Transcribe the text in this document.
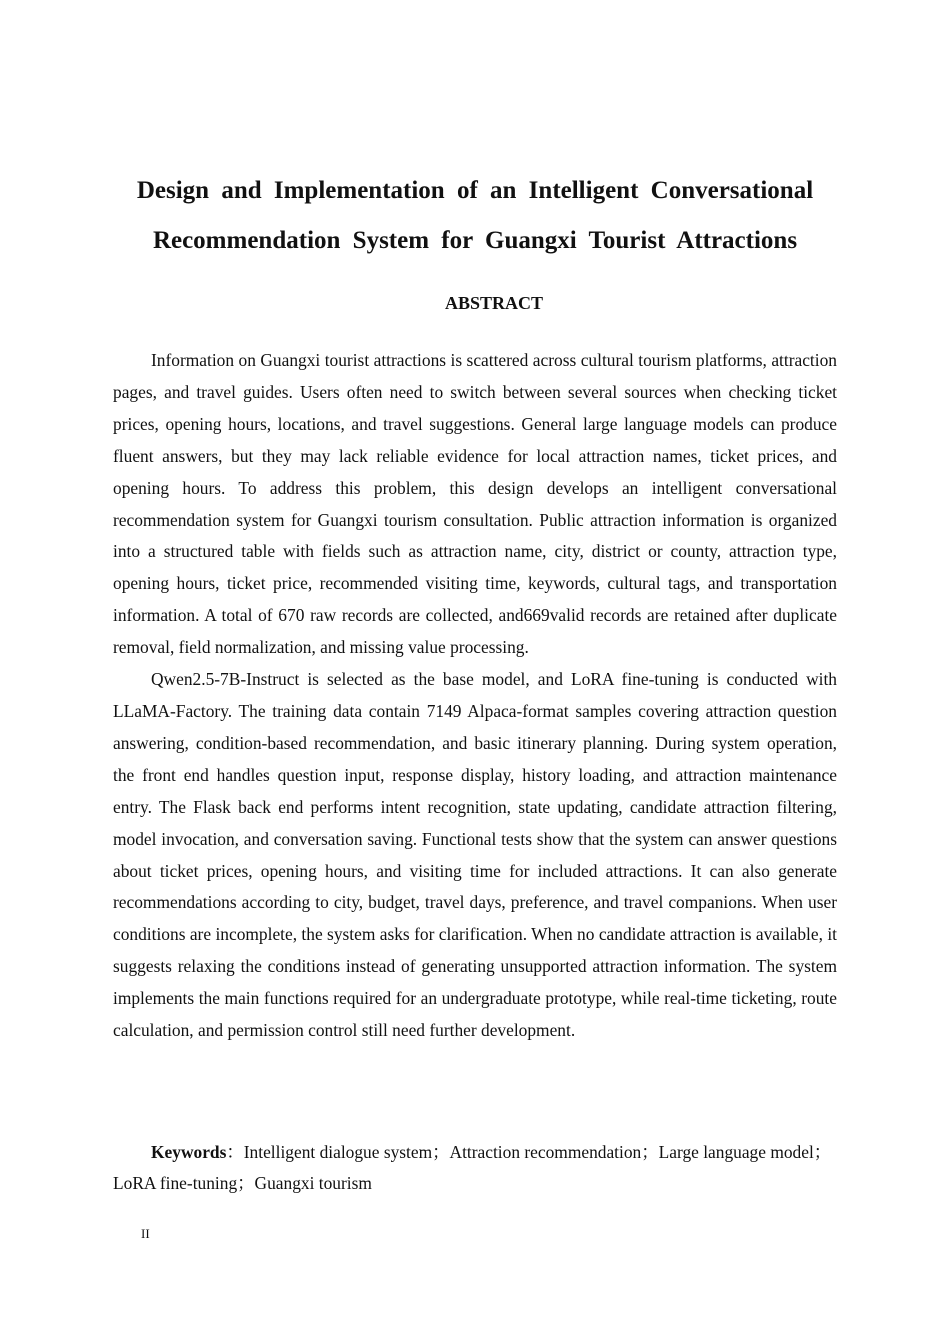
Design and Implementation of an Intelligent Conversational
Recommendation System for Guangxi Tourist Attractions
ABSTRACT

Information on Guangxi tourist attractions is scattered across cultural tourism platforms, attraction pages, and travel guides. Users often need to switch between several sources when checking ticket prices, opening hours, locations, and travel suggestions. General large language models can produce fluent answers, but they may lack reliable evidence for local attraction names, ticket prices, and opening hours. To address this problem, this design develops an intelligent conversational recommendation system for Guangxi tourism consultation. Public attraction information is organized into a structured table with fields such as attraction name, city, district or county, attraction type, opening hours, ticket price, recommended visiting time, keywords, cultural tags, and transportation information. A total of 670 raw records are collected, and669valid records are retained after duplicate removal, field normalization, and missing value processing.

Qwen2.5-7B-Instruct is selected as the base model, and LoRA fine-tuning is conducted with LLaMA-Factory. The training data contain 7149 Alpaca-format samples covering attraction question answering, condition-based recommendation, and basic itinerary planning. During system operation, the front end handles question input, response display, history loading, and attraction maintenance entry. The Flask back end performs intent recognition, state updating, candidate attraction filtering, model invocation, and conversation saving. Functional tests show that the system can answer questions about ticket prices, opening hours, and visiting time for included attractions. It can also generate recommendations according to city, budget, travel days, preference, and travel companions. When user conditions are incomplete, the system asks for clarification. When no candidate attraction is available, it suggests relaxing the conditions instead of generating unsupported attraction information. The system implements the main functions required for an undergraduate prototype, while real-time ticketing, route calculation, and permission control still need further development.

Keywords：Intelligent dialogue system；Attraction recommendation；Large language model；LoRA fine-tuning；Guangxi tourism

II
